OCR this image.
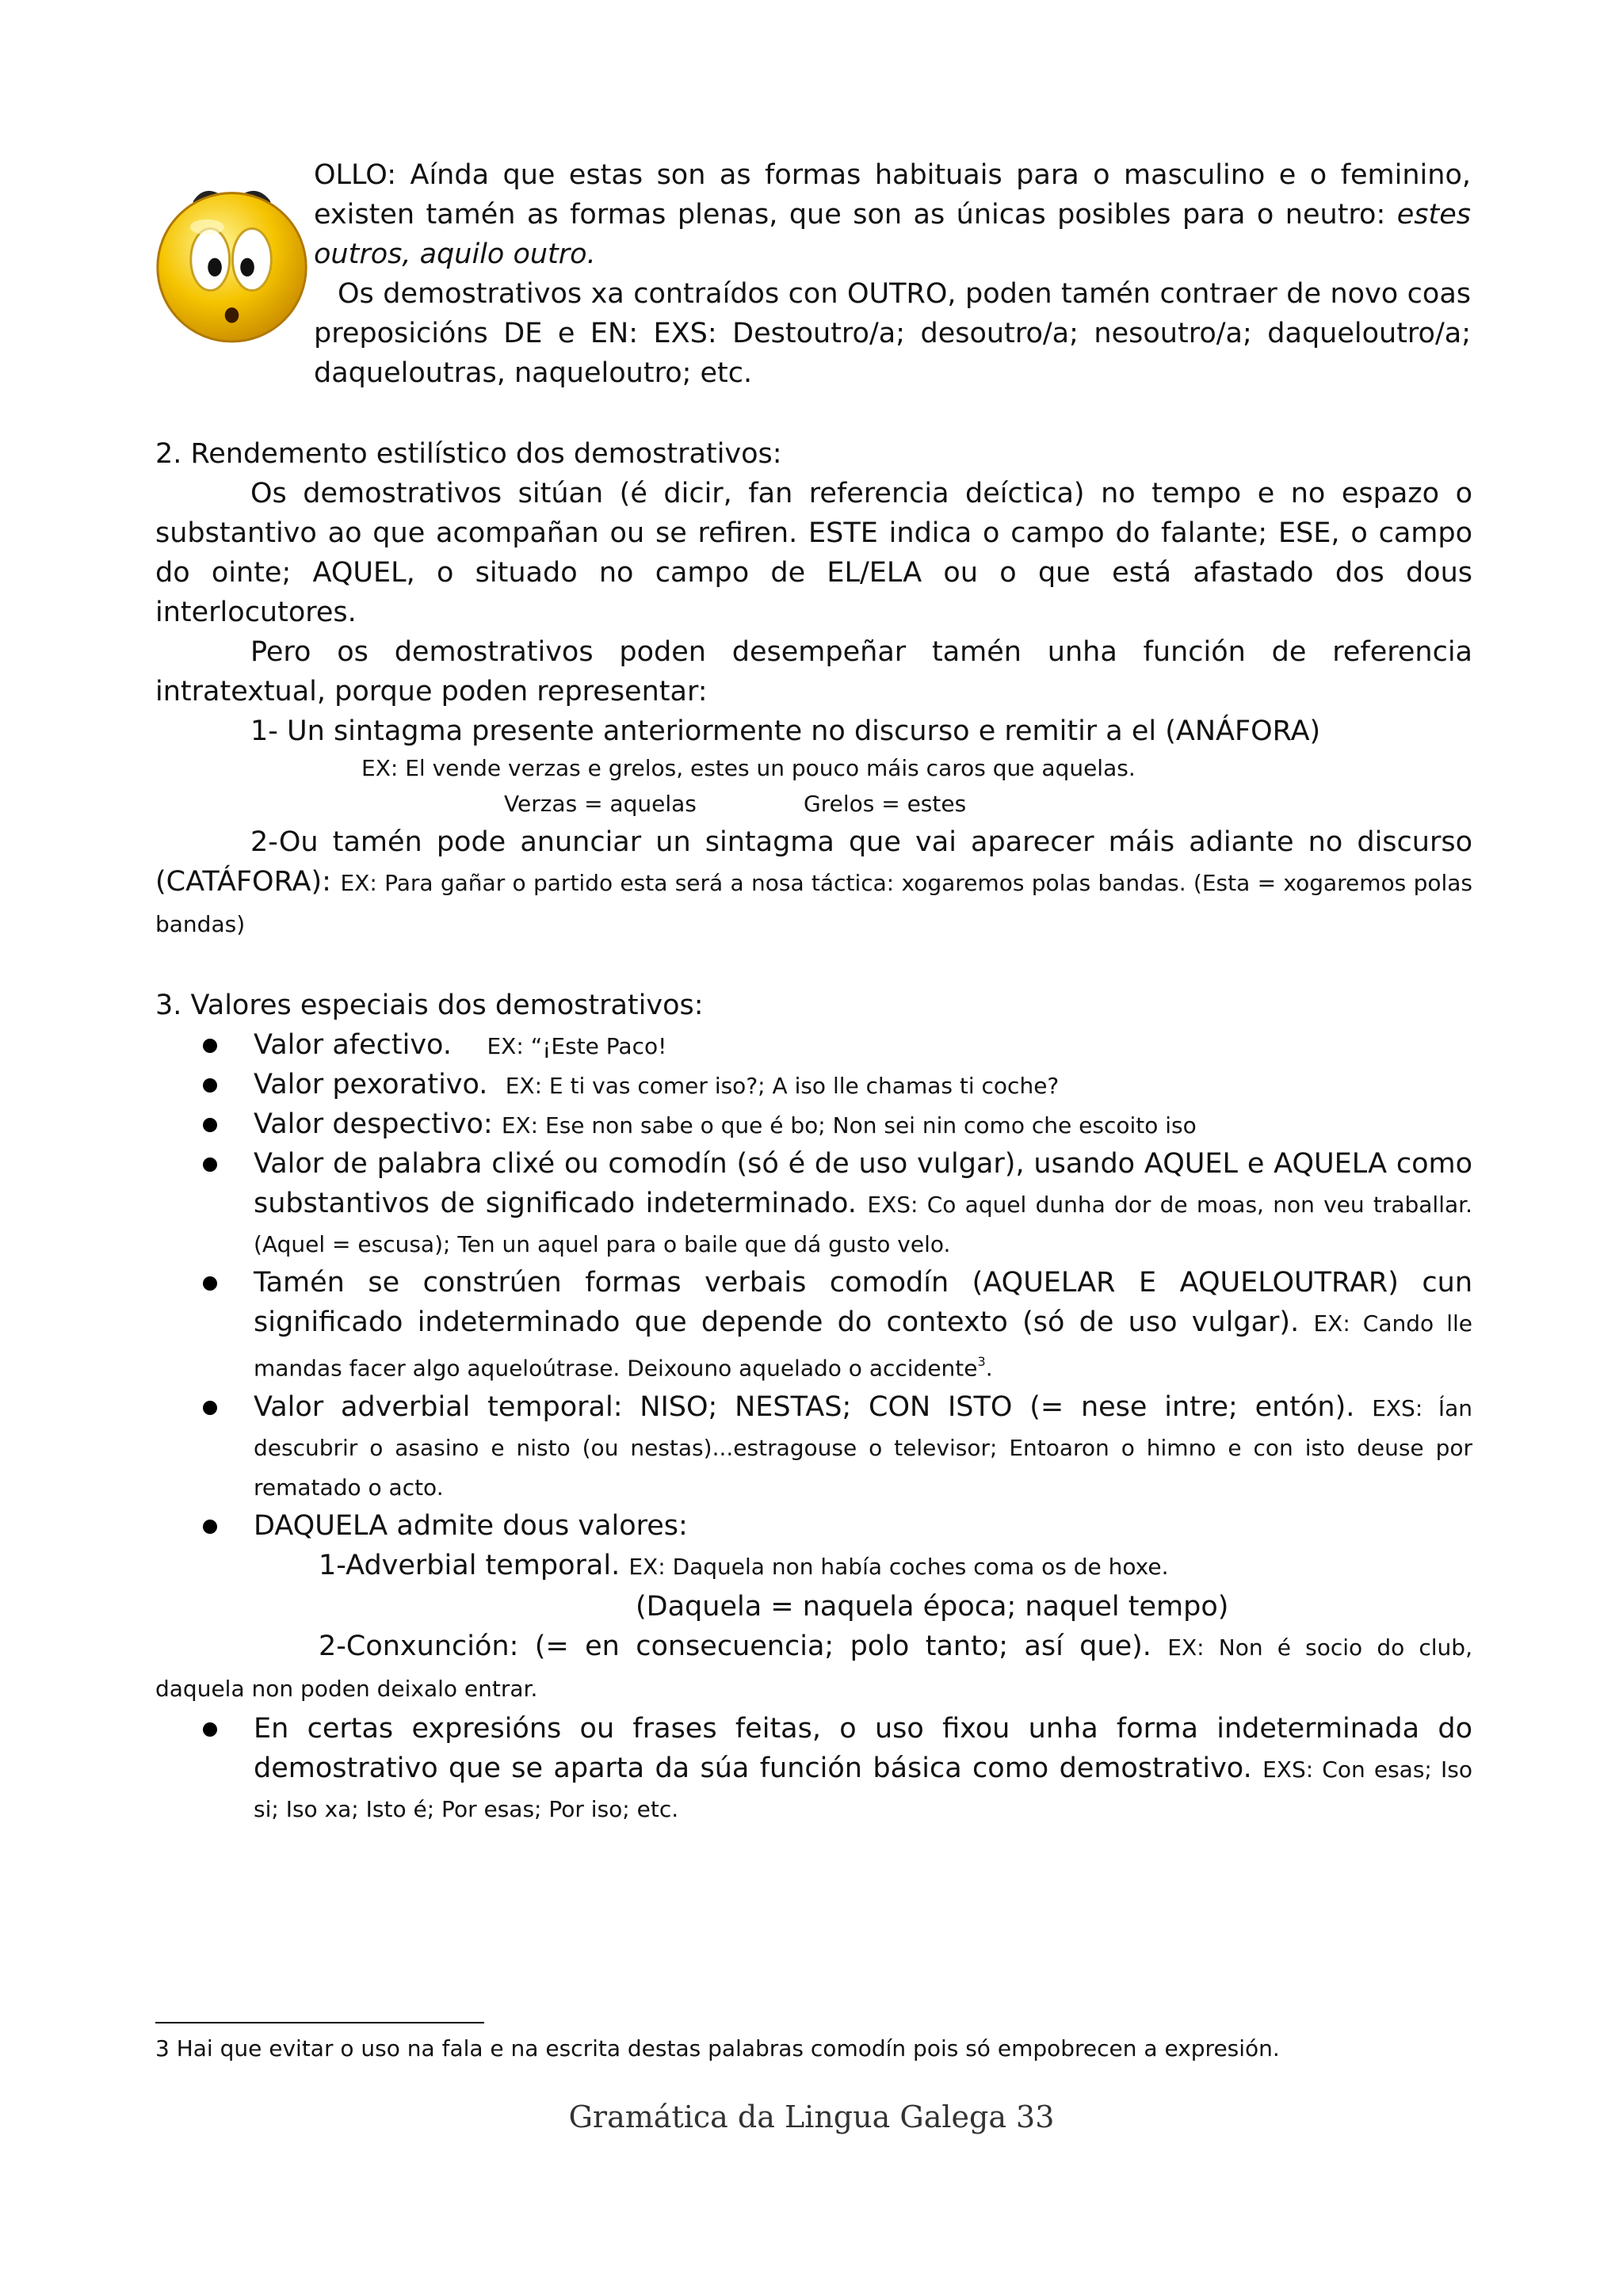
OLLO: Aínda que estas son as formas habituais para o masculino e o feminino, existen tamén as formas plenas, que son as únicas posibles para o neutro: estes outros, aquilo outro.

Os demostrativos xa contraídos con OUTRO, poden tamén contraer de novo coas preposicións DE e EN: EXS: Destoutro/a; desoutro/a; nesoutro/a; daqueloutro/a; daqueloutras, naqueloutro; etc.

2. Rendemento estilístico dos demostrativos:

Os demostrativos sitúan (é dicir, fan referencia deíctica) no tempo e no espazo o substantivo ao que acompañan ou se refiren. ESTE indica o campo do falante; ESE, o campo do ointe; AQUEL, o situado no campo de EL/ELA ou o que está afastado dos dous interlocutores.

Pero os demostrativos poden desempeñar tamén unha función de referencia intratextual, porque poden representar:

1- Un sintagma presente anteriormente no discurso e remitir a el (ANÁFORA)

EX: El vende verzas e grelos, estes un pouco máis caros que aquelas.

Verzas = aquelas	Grelos = estes

2-Ou tamén pode anunciar un sintagma que vai aparecer máis adiante no discurso (CATÁFORA): EX: Para gañar o partido esta será a nosa táctica: xogaremos polas bandas. (Esta = xogaremos polas bandas)

3. Valores especiais dos demostrativos:

Valor afectivo. EX: “¡Este Paco!
Valor pexorativo. EX: E ti vas comer iso?; A iso lle chamas ti coche?
Valor despectivo: EX: Ese non sabe o que é bo; Non sei nin como che escoito iso
Valor de palabra clixé ou comodín (só é de uso vulgar), usando AQUEL e AQUELA como substantivos de significado indeterminado. EXS: Co aquel dunha dor de moas, non veu traballar. (Aquel = escusa); Ten un aquel para o baile que dá gusto velo.
Tamén se constrúen formas verbais comodín (AQUELAR E AQUELOUTRAR) cun significado indeterminado que depende do contexto (só de uso vulgar). EX: Cando lle mandas facer algo aqueloútrase. Deixouno aquelado o accidente$^3$.
Valor adverbial temporal: NISO; NESTAS; CON ISTO (= nese intre; entón). EXS: Ían descubrir o asasino e nisto (ou nestas)...estragouse o televisor; Entoaron o himno e con isto deuse por rematado o acto.
DAQUELA admite dous valores:

1-Adverbial temporal. EX: Daquela non había coches coma os de hoxe.

(Daquela = naquela época; naquel tempo)

2-Conxunción: (= en consecuencia; polo tanto; así que). EX: Non é socio do club, daquela non poden deixalo entrar.

En certas expresións ou frases feitas, o uso fixou unha forma indeterminada do demostrativo que se aparta da súa función básica como demostrativo. EXS: Con esas; Iso si; Iso xa; Isto é; Por esas; Por iso; etc.

3 Hai que evitar o uso na fala e na escrita destas palabras comodín pois só empobrecen a expresión.

Gramática da Lingua Galega 33
